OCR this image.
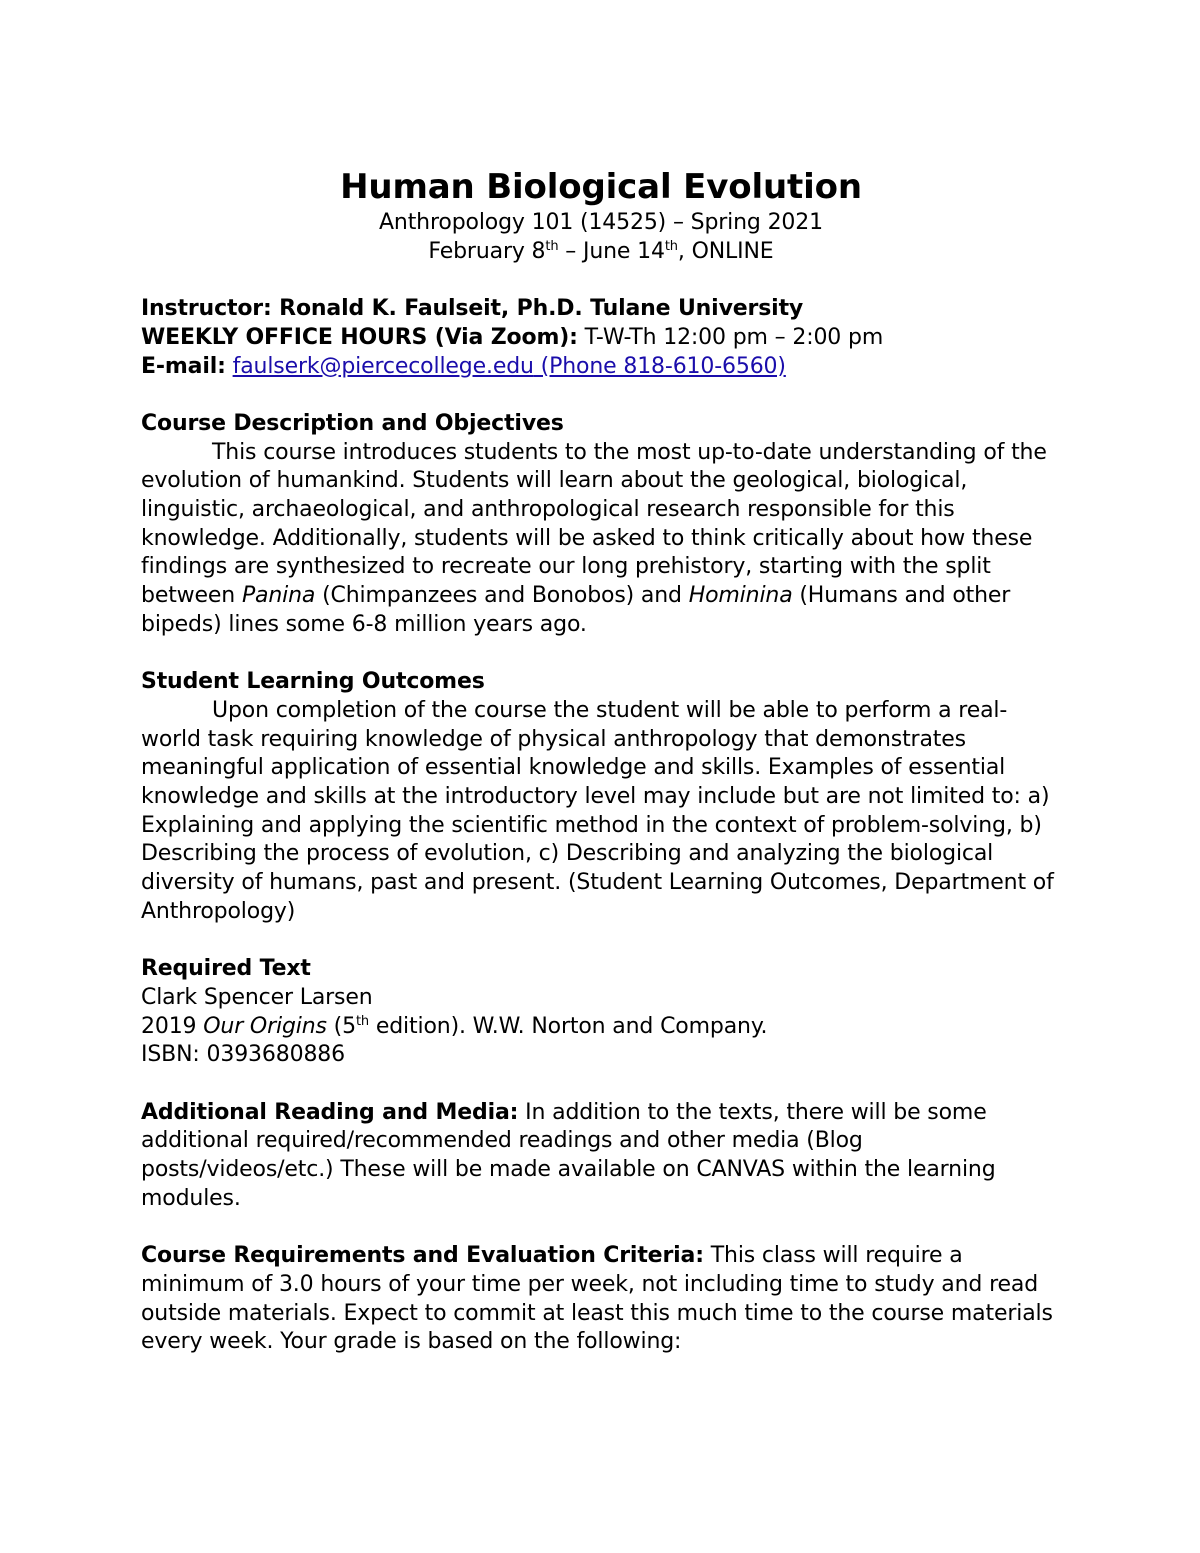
Human Biological Evolution

Anthropology 101 (14525) – Spring 2021

February 8th – June 14th, ONLINE

Instructor: Ronald K. Faulseit, Ph.D. Tulane University

WEEKLY OFFICE HOURS (Via Zoom): T-W-Th 12:00 pm – 2:00 pm

E-mail: faulserk@piercecollege.edu (Phone 818-610-6560)

Course Description and Objectives

This course introduces students to the most up-to-date understanding of the evolution of humankind. Students will learn about the geological, biological, linguistic, archaeological, and anthropological research responsible for this knowledge. Additionally, students will be asked to think critically about how these findings are synthesized to recreate our long prehistory, starting with the split between Panina (Chimpanzees and Bonobos) and Hominina (Humans and other bipeds) lines some 6-8 million years ago.

Student Learning Outcomes

Upon completion of the course the student will be able to perform a real-world task requiring knowledge of physical anthropology that demonstrates meaningful application of essential knowledge and skills. Examples of essential knowledge and skills at the introductory level may include but are not limited to: a) Explaining and applying the scientific method in the context of problem-solving, b) Describing the process of evolution, c) Describing and analyzing the biological diversity of humans, past and present. (Student Learning Outcomes, Department of Anthropology)

Required Text

Clark Spencer Larsen

2019 Our Origins (5th edition). W.W. Norton and Company.

ISBN: 0393680886

Additional Reading and Media: In addition to the texts, there will be some additional required/recommended readings and other media (Blog posts/videos/etc.) These will be made available on CANVAS within the learning modules.

Course Requirements and Evaluation Criteria: This class will require a minimum of 3.0 hours of your time per week, not including time to study and read outside materials. Expect to commit at least this much time to the course materials every week. Your grade is based on the following:
